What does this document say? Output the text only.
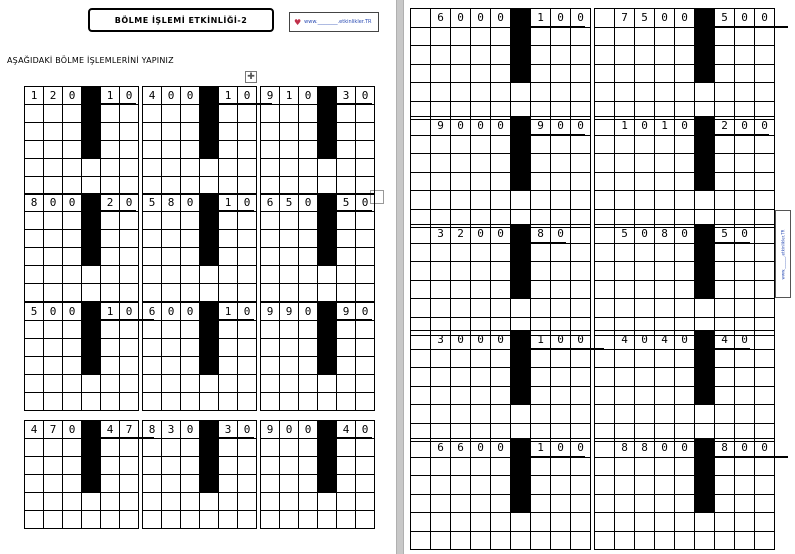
BÖLME İŞLEMİ ETKİNLİĞİ-2	♥ www.________.etkinlikler.TR
AŞAĞIDAKİ BÖLME İŞLEMLERİNİ YAPINIZ
✚
1	2	0		1	0

					4	0	0		1	0

					9	1	0		3	0

8	0	0		2	0

					5	8	0		1	0

					6	5	0		5	0

5	0	0		1	0

					6	0	0		1	0

					9	9	0		9	0

4	7	0		4	7

					8	3	0		3	0

					9	0	0		4	0

	6	0	0	0		1	0	0

		7	5	0	0		5	0	0

	9	0	0	0		9	0	0

		1	0	1	0		2	0	0

	3	2	0	0		8	0	

		5	0	8	0		5	0	

	3	0	0	0		1	0	0

		4	0	4	0		4	0	

	6	6	0	0		1	0	0

		8	8	0	0		8	0	0

www.______.etkinlikler.TR
